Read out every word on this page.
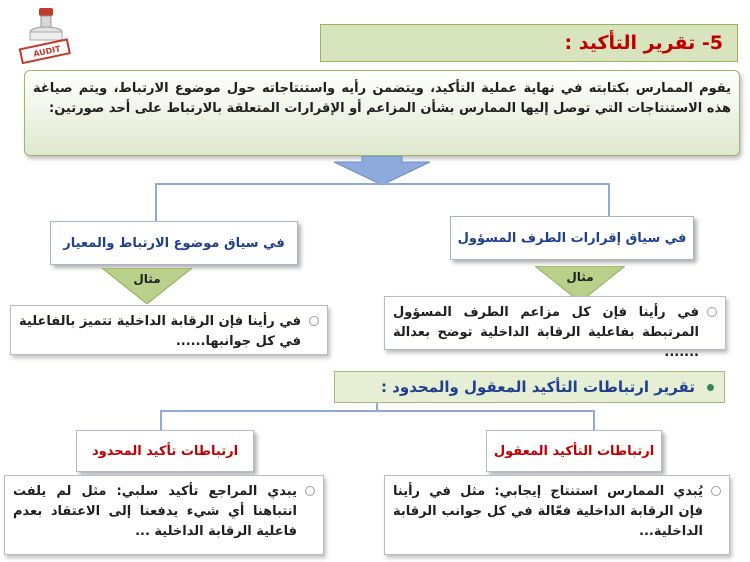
AUDIT	5- تقرير التأكيد :
يقوم الممارس بكتابته في نهاية عملية التأكيد، ويتضمن رأيه واستنتاجاته حول موضوع الارتباط، ويتم صياغة هذه الاستنتاجات التي توصل إليها الممارس بشأن المزاعم أو الإقرارات المتعلقة بالارتباط على أحد صورتين:
في سياق إقرارات الطرف المسؤول
في سياق موضوع الارتباط والمعيار
مثال
مثال
في رأينا فإن كل مزاعم الطرف المسؤول المرتبطة بفاعلية الرقابة الداخلية توضح بعدالة .......
في رأينا فإن الرقابة الداخلية تتميز بالفاعلية في كل جوانبها......
تقرير ارتباطات التأكيد المعقول والمحدود :
ارتباطات التأكيد المعقول
ارتباطات تأكيد المحدود
يُبدي الممارس استنتاج إيجابي: مثل في رأينا فإن الرقابة الداخلية فعّالة في كل جوانب الرقابة الداخلية...
يبدي المراجع تأكيد سلبي: مثل لم يلفت انتباهنا أي شيء يدفعنا إلى الاعتقاد بعدم فاعلية الرقابة الداخلية ...
